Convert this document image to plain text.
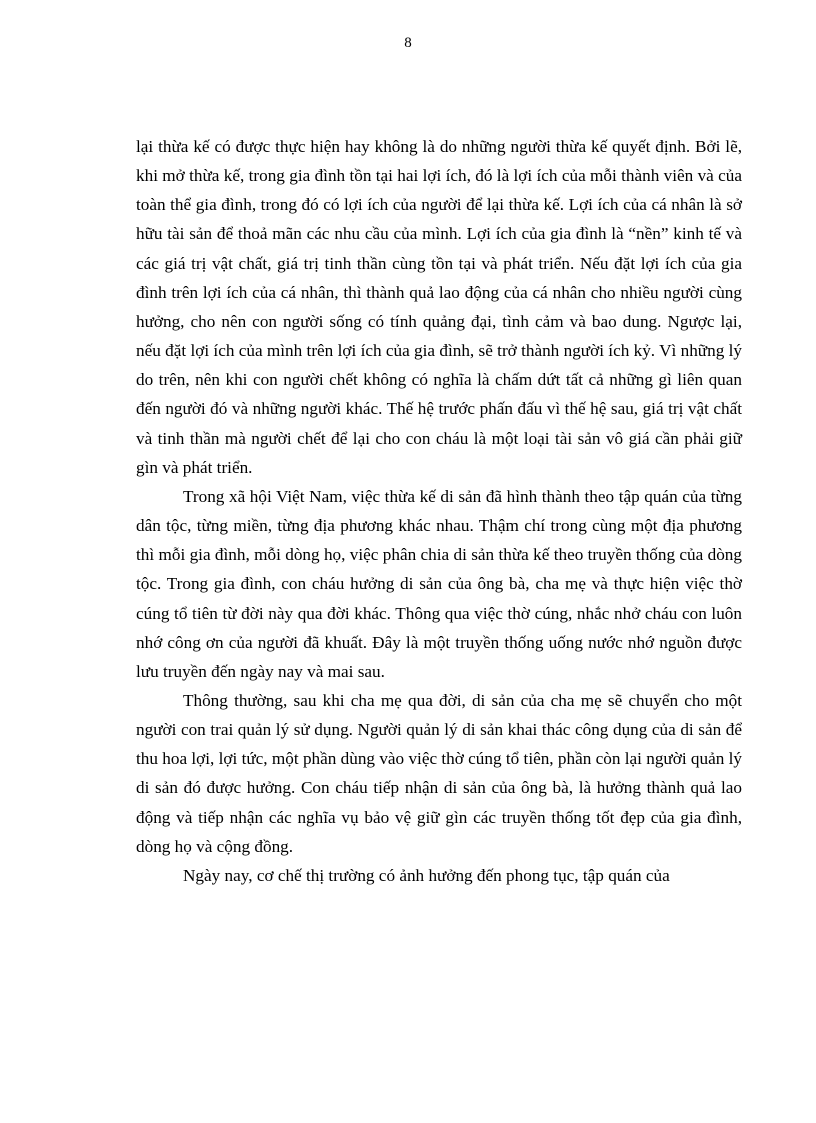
8

lại thừa kế có được thực hiện hay không là do những người thừa kế quyết định. Bởi lẽ, khi mở thừa kế, trong gia đình tồn tại hai lợi ích, đó là lợi ích của mỗi thành viên và của toàn thể gia đình, trong đó có lợi ích của người để lại thừa kế. Lợi ích của cá nhân là sở hữu tài sản để thoả mãn các nhu cầu của mình. Lợi ích của gia đình là “nền” kinh tế và các giá trị vật chất, giá trị tinh thần cùng tồn tại và phát triển. Nếu đặt lợi ích của gia đình trên lợi ích của cá nhân, thì thành quả lao động của cá nhân cho nhiều người cùng hưởng, cho nên con người sống có tính quảng đại, tình cảm và bao dung. Ngược lại, nếu đặt lợi ích của mình trên lợi ích của gia đình, sẽ trở thành người ích kỷ. Vì những lý do trên, nên khi con người chết không có nghĩa là chấm dứt tất cả những gì liên quan đến người đó và những người khác. Thế hệ trước phấn đấu vì thế hệ sau, giá trị vật chất và tinh thần mà người chết để lại cho con cháu là một loại tài sản vô giá cần phải giữ gìn và phát triển.

Trong xã hội Việt Nam, việc thừa kế di sản đã hình thành theo tập quán của từng dân tộc, từng miền, từng địa phương khác nhau. Thậm chí trong cùng một địa phương thì mỗi gia đình, mỗi dòng họ, việc phân chia di sản thừa kế theo truyền thống của dòng tộc. Trong gia đình, con cháu hưởng di sản của ông bà, cha mẹ và thực hiện việc thờ cúng tổ tiên từ đời này qua đời khác. Thông qua việc thờ cúng, nhắc nhở cháu con luôn nhớ công ơn của người đã khuất. Đây là một truyền thống uống nước nhớ nguồn được lưu truyền đến ngày nay và mai sau.

Thông thường, sau khi cha mẹ qua đời, di sản của cha mẹ sẽ chuyển cho một người con trai quản lý sử dụng. Người quản lý di sản khai thác công dụng của di sản để thu hoa lợi, lợi tức, một phần dùng vào việc thờ cúng tổ tiên, phần còn lại người quản lý di sản đó được hưởng. Con cháu tiếp nhận di sản của ông bà, là hưởng thành quả lao động và tiếp nhận các nghĩa vụ bảo vệ giữ gìn các truyền thống tốt đẹp của gia đình, dòng họ và cộng đồng.

Ngày nay, cơ chế thị trường có ảnh hưởng đến phong tục, tập quán của
